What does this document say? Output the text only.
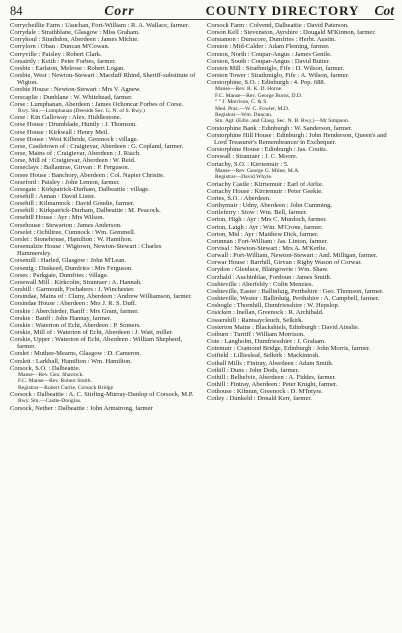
84	Corr	COUNTY DIRECTORY	Cot
Corrycheillie Farm : Uauchan, Fort-William : R. A. Wallace, farmer.
Corrydale : Strathblane, Glasgow : Miss Graham.
Corryhoul : Strathdon, Aberdeen : James Michie.
Corrylorn : Oban : Duncan M'Cowan.
Corryville : Paisley : Robert Clark.
Corsairtly : Keith : Peter Forbes, farmer.
Corsbie : Earlston, Melrose : Robert Logan.
Corsbie, West : Newton-Stewart : Macduff Rhind, Sheriff-substitute of Wigton.
Corsbie House : Newton-Stewart : Mrs V. Agnew.
Corscaplie : Dunblane : W. Whitehead, farmer.
Corse : Lumphanan, Aberdeen : James Ochoncar Forbes of Corse.
Rwy. Stn.—Lumphanan (Deeside Sec. G. N. of S. Rwy.)
Corse : Kin Galloway : Alex. Hiddlestone.
Corse House : Drumblade, Huntly : J. Thomson.
Corse House : Kirkwall : Henry Meil.
Corse House : West Kilbride, Greenock : village.
Corse, Castletown of : Craigievar, Aberdeen : G. Copland, farmer.
Corse, Mains of : Craigievar, Aberdeen : J. Riach.
Corse, Mill of : Craigievar, Aberdeen : W. Reid.
Corseclays : Ballantrae, Girvan : P. Ferguson.
Corsee House : Banchory, Aberdeen : Col. Napier Christie.
Corseford : Paisley : John Lemon, farmer.
Corsegate : Kirkpatrick-Durham, Dalbeattie : village.
Corsehill : Annan : David Lister.
Corsehill : Kilmarnock : David Goudie, farmer.
Corsehill : Kirkpatrick-Durham, Dalbeattie : M. Peacock.
Corsehill House : Ayr : Mrs Wilson.
Corsehouse : Stewarton : James Anderson.
Corselet : Ochiltree, Cumnock : Wm. Gemmell.
Corslet : Stonehouse, Hamilton : W. Hamilton.
Corsemalzie House : Wigtown, Newton-Stewart : Charles Hammersley.
Corsemill : Harled, Glasgow : John M'Lean.
Corsenig : Duskeed, Dumfries : Mrs Ferguson.
Corses : Parkgate, Dumfries : village.
Corsewall Mill : Kirkcolm, Stranraer : A. Hannah.
Corshill : Garmouth, Fochabers : J. Winchester.
Corsindae, Mains of : Cluny, Aberdeen : Andrew Williamson, farmer.
Corsindae House : Aberdeen : Mrs J. R. S. Duff.
Corskie : Aberchirder, Banff : Mrs Grant, farmer.
Corskie : Banff : John Hannay, farmer.
Corskie : Waterton of Echt, Aberdeen : P. Somers.
Corskie, Mill of : Waterton of Echt, Aberdeen : J. Watt, miller.
Corskie, Upper : Waterton of Echt, Aberdeen : William Shepherd, farmer.
Corslet : Muthee-Mearns, Glasgow : D. Cameron.
Corslett : Larkhall, Hamilton : Wm. Hamilton.
Corsock, S.O. : Dalbeattie.
Manse—Rev. Geo. Sharrock.
F.C. Manse—Rev. Robert Smith.
Registrar—Robert Currie, Corsock Bridge
Corsock : Dalbeattie : A. C. Stirling-Murray-Dunlop of Corsock, M.P.
Rwy. Stn.—Castle-Douglas.
Corsock, Nether : Dalbeattie : John Armstrong, farmer
Corsock Farm : Colvend, Dalbeattie : David Paterson.
Corson Kell : Stevenston, Ayrshire : Dougald M'Kinnon, farmer.
Corstamon : Dunscore, Dumfries : Herbt. Austin.
Corston : Mid-Calder : Adam Fleming, farmer.
Corston, North : Coupar-Angus : James Gentle.
Corston, South : Coupar-Angus : David Butter.
Corston Mill : Strathmiglo, Fife : D. Wilson, farmer.
Corston Tower : Strathmiglo, Fife : A. Wilson, farmer.
Corstorphine, S.O. : Edinburgh : 4. Pop. 688.
Manse—Rev. R. K. D. Horne.
F.C. Manse—Rev. George Burns, D.D.
" " J. Morrison, C. & S.
Med. Prac.—W. C. Fowler, M.D.
Registrar—Wm. Duncan.
Stn. Agt. (Edin. and Glasg. Sec. N. B. Rwy.)—Mr Simpson.
Corstorphine Bank : Edinburgh : W. Sanderson, farmer.
Corstorphine Hill House : Edinburgh : John Henderson, Queen's and Lord Treasurer's Remembrancer in Exchequer.
Corstorphine House : Edinburgh : Jas. Coutts.
Corswall : Stranraer : J. C. Moore.
Cortachy, S.O. : Kirriemuir : 5.
Manse—Rev. George G. Milne, M.A.
Registrar—David Whyte.
Cortachy Castle : Kirriemuir : Earl of Airlie.
Cortachy House : Kirriemuir : Peter Geekie.
Cortes, S.O. : Aberdeen.
Corthymuir : Udny, Aberdeen : John Cumming.
Cortleferry : Stow : Wm. Bell, farmer.
Corton, High : Ayr : Mrs C. Murdoch, farmer.
Corton, Laigh : Ayr : Wm. M'Crone, farmer.
Corton, Mid : Ayr : Matthew Dick, farmer.
Corunnan : Fort-William : Jas. Linton, farmer.
Corvisal : Newton-Stewart : Mrs A. M'Kerlie.
Corwall : Port-William, Newton-Stewart : And. Milligan, farmer.
Corwar House : Barrhill, Girvan : Rigby Wason of Corwar.
Corydon : Glenluce, Blairgowrie : Wm. Shaw.
Corzhald : Auchinblae, Fordoun : James Smith.
Coshieville : Aberfeldy : Colin Menzies.
Coshieville, Easter : Ballinluig, Perthshire : Geo. Thomson, farmer.
Coshieville, Wester : Ballinluig, Perthshire : A. Campbell, farmer.
Coshogle : Thornhill, Dumfriesshire : W. Hepslop.
Cosicken : Inellan, Greenock : R. Archibald.
Cossershill : Ramsaycleuch, Selkirk.
Costerton Mains : Blackshiels, Edinburgh : David Ainslie.
Cotburn : Turriff : William Morrison.
Cote : Langholm, Dumfriesshire : J. Graham.
Cotemuir : Cramond Bridge, Edinburgh : John Morris, farmer.
Cotfield : Lilliesleaf, Selkirk : Mackintosh.
Cothall Mills : Fintray, Aberdeen : Adam Smith.
Cothill : Duns : John Dods, farmer.
Cothill : Belhelvie, Aberdeen : A. Fiddes, farmer.
Cothill : Fintray, Aberdeen : Peter Knight, farmer.
Cothouse : Kilmun, Greenock : D. M'Intyre.
Cotley : Dunkeld : Donald Kerr, farmer.
